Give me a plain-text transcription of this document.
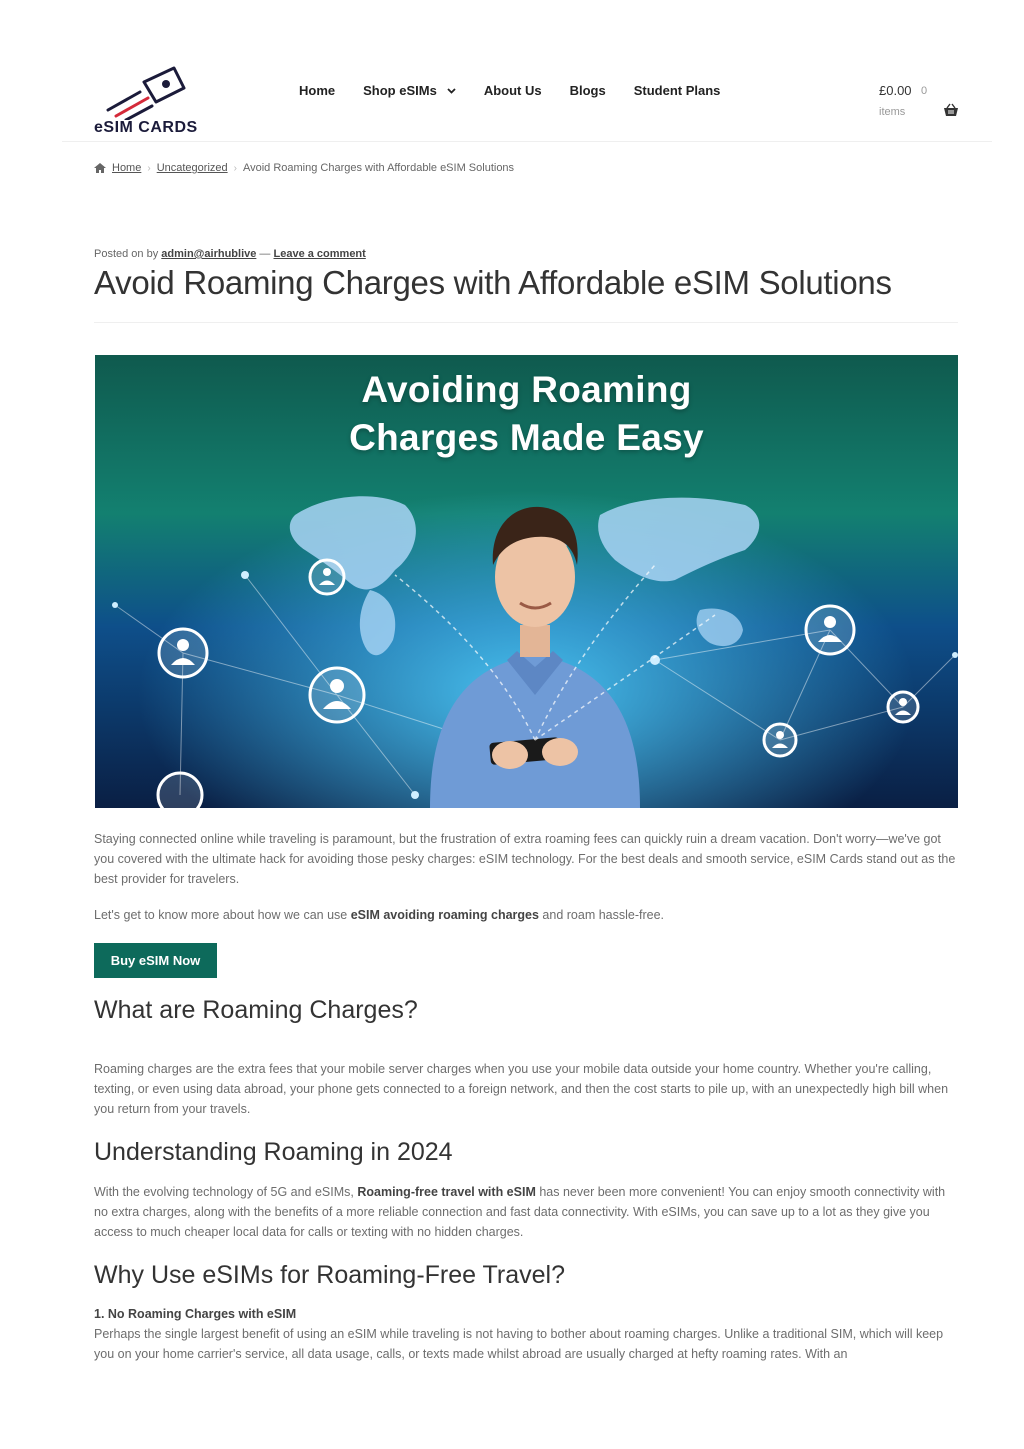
eSIM CARDS
Home Shop eSIMs	About Us Blogs Student Plans	£0.00 0
items
Home › Uncategorized › Avoid Roaming Charges with Affordable eSIM Solutions
Posted on by admin@airhublive — Leave a comment
Avoid Roaming Charges with Affordable eSIM Solutions
Avoiding Roaming
Charges Made Easy

Staying connected online while traveling is paramount, but the frustration of extra roaming fees can quickly ruin a dream vacation. Don't worry—we've got you covered with the ultimate hack for avoiding those pesky charges: eSIM technology. For the best deals and smooth service, eSIM Cards stand out as the best provider for travelers.

Let's get to know more about how we can use eSIM avoiding roaming charges and roam hassle-free.

Buy eSIM Now
What are Roaming Charges?

Roaming charges are the extra fees that your mobile server charges when you use your mobile data outside your home country. Whether you're calling, texting, or even using data abroad, your phone gets connected to a foreign network, and then the cost starts to pile up, with an unexpectedly high bill when you return from your travels.

Understanding Roaming in 2024

With the evolving technology of 5G and eSIMs, Roaming-free travel with eSIM has never been more convenient! You can enjoy smooth connectivity with no extra charges, along with the benefits of a more reliable connection and fast data connectivity. With eSIMs, you can save up to a lot as they give you access to much cheaper local data for calls or texting with no hidden charges.

Why Use eSIMs for Roaming-Free Travel?
1. No Roaming Charges with eSIM

Perhaps the single largest benefit of using an eSIM while traveling is not having to bother about roaming charges. Unlike a traditional SIM, which will keep you on your home carrier's service, all data usage, calls, or texts made whilst abroad are usually charged at hefty roaming rates. With an
